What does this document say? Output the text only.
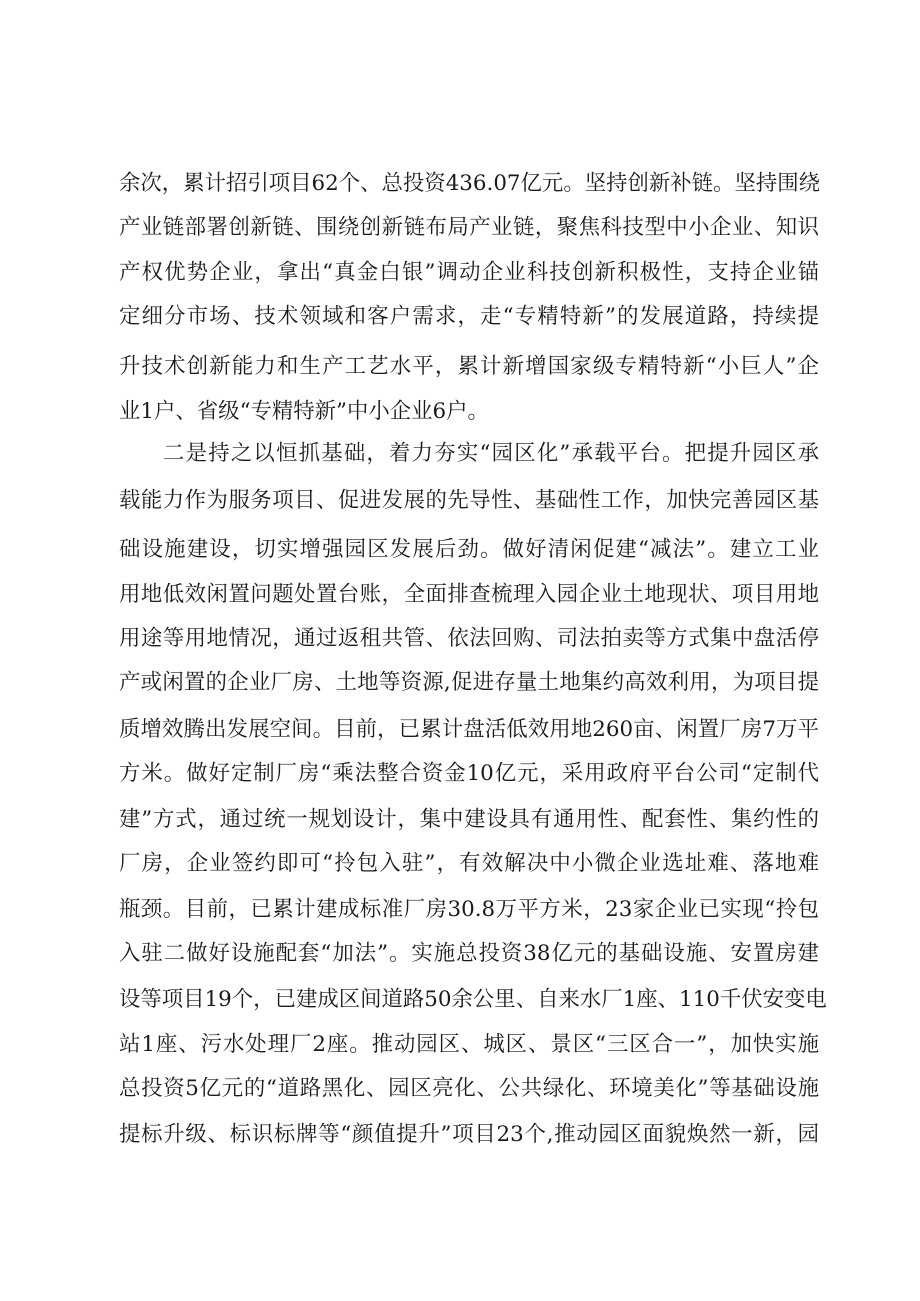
余次，累计招引项目62个、总投资436.07亿元。坚持创新补链。坚持围绕
产业链部署创新链、围绕创新链布局产业链，聚焦科技型中小企业、知识
产权优势企业，拿出“真金白银”调动企业科技创新积极性，支持企业锚
定细分市场、技术领域和客户需求，走“专精特新”的发展道路，持续提
升技术创新能力和生产工艺水平，累计新增国家级专精特新“小巨人”企
业1户、省级“专精特新”中小企业6户。
二是持之以恒抓基础，着力夯实“园区化”承载平台。把提升园区承
载能力作为服务项目、促进发展的先导性、基础性工作，加快完善园区基
础设施建设，切实增强园区发展后劲。做好清闲促建“减法”。建立工业
用地低效闲置问题处置台账，全面排查梳理入园企业土地现状、项目用地
用途等用地情况，通过返租共管、依法回购、司法拍卖等方式集中盘活停
产或闲置的企业厂房、土地等资源,促进存量土地集约高效利用，为项目提
质增效腾出发展空间。目前，已累计盘活低效用地260亩、闲置厂房7万平
方米。做好定制厂房“乘法整合资金10亿元，采用政府平台公司“定制代
建”方式，通过统一规划设计，集中建设具有通用性、配套性、集约性的
厂房，企业签约即可“拎包入驻”，有效解决中小微企业选址难、落地难
瓶颈。目前，已累计建成标准厂房30.8万平方米，23家企业已实现“拎包
入驻二做好设施配套“加法”。实施总投资38亿元的基础设施、安置房建
设等项目19个，已建成区间道路50余公里、自来水厂1座、110千伏安变电
站1座、污水处理厂2座。推动园区、城区、景区“三区合一”，加快实施
总投资5亿元的“道路黑化、园区亮化、公共绿化、环境美化”等基础设施
提标升级、标识标牌等“颜值提升”项目23个,推动园区面貌焕然一新，园
